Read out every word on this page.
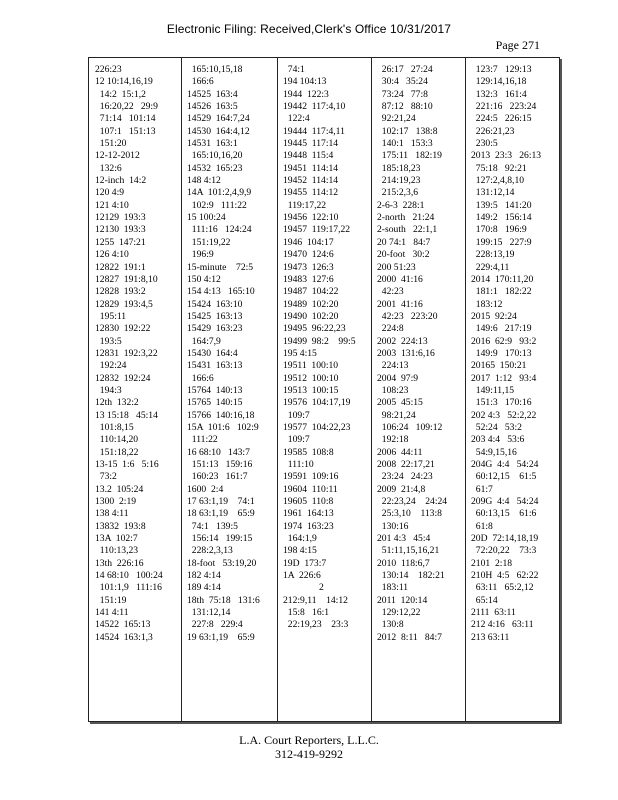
Electronic Filing: Received,Clerk's Office 10/31/2017
Page 271
226:23
12 10:14,16,19
14:2  15:1,2
16:20,22   29:9
71:14   101:14
107:1   151:13
151:20
12-12-2012
132:6
12-inch  14:2
120 4:9
121 4:10
12129  193:3
12130  193:3
1255  147:21
126 4:10
12822  191:1
12827  191:8,10
12828  193:2
12829  193:4,5
195:11
12830  192:22
193:5
12831  192:3,22
192:24
12832  192:24
194:3
12th  132:2
13 15:18   45:14
101:8,15
110:14,20
151:18,22
13-15  1:6   5:16
73:2
13.2  105:24
1300  2:19
138 4:11
13832  193:8
13A  102:7
110:13,23
13th  226:16
14 68:10   100:24
101:1,9   111:16
151:19
141 4:11
14522  165:13
14524  163:1,3
165:10,15,18
166:6
14525  163:4
14526  163:5
14529  164:7,24
14530  164:4,12
14531  163:1
165:10,16,20
14532  165:23
148 4:12
14A  101:2,4,9,9
102:9   111:22
15 100:24
111:16   124:24
151:19,22
196:9
15-minute    72:5
150 4:12
154 4:13   165:10
15424  163:10
15425  163:13
15429  163:23
164:7,9
15430  164:4
15431  163:13
166:6
15764  140:13
15765  140:15
15766  140:16,18
15A  101:6   102:9
111:22
16 68:10   143:7
151:13   159:16
160:23   161:7
1600  2:4
17 63:1,19    74:1
18 63:1,19    65:9
74:1   139:5
156:14   199:15
228:2,3,13
18-foot   53:19,20
182 4:14
189 4:14
18th  75:18   131:6
131:12,14
227:8   229:4
19 63:1,19    65:9
74:1
194 104:13
1944  122:3
19442  117:4,10
122:4
19444  117:4,11
19445  117:14
19448  115:4
19451  114:14
19452  114:14
19455  114:12
119:17,22
19456  122:10
19457  119:17,22
1946  104:17
19470  124:6
19473  126:3
19483  127:6
19487  104:22
19489  102:20
19490  102:20
19495  96:22,23
19499  98:2    99:5
195 4:15
19511  100:10
19512  100:10
19513  100:15
19576  104:17,19
109:7
19577  104:22,23
109:7
19585  108:8
111:10
19591  109:16
19604  110:11
19605  110:8
1961  164:13
1974  163:23
164:1,9
198 4:15
19D  173:7
1A  226:6
2
212:9,11    14:12
15:8   16:1
22:19,23    23:3
26:17   27:24
30:4   35:24
73:24   77:8
87:12   88:10
92:21,24
102:17   138:8
140:1   153:3
175:11   182:19
185:18,23
214:19,23
215:2,3,6
2-6-3  228:1
2-north   21:24
2-south   22:1,1
20 74:1   84:7
20-foot   30:2
200 51:23
2000  41:16
42:23
2001  41:16
42:23   223:20
224:8
2002  224:13
2003  131:6,16
224:13
2004  97:9
108:23
2005  45:15
98:21,24
106:24   109:12
192:18
2006  44:11
2008  22:17,21
23:24   24:23
2009  21:4,8
22:23,24    24:24
25:3,10    113:8
130:16
201 4:3   45:4
51:11,15,16,21
2010  118:6,7
130:14    182:21
183:11
2011  120:14
129:12,22
130:8
2012  8:11   84:7
123:7   129:13
129:14,16,18
132:3   161:4
221:16   223:24
224:5   226:15
226:21,23
230:5
2013  23:3   26:13
75:18   92:21
127:2,4,8,10
131:12,14
139:5   141:20
149:2   156:14
170:8   196:9
199:15   227:9
228:13,19
229:4,11
2014  170:11,20
181:1   182:22
183:12
2015  92:24
149:6   217:19
2016  62:9   93:2
149:9   170:13
20165  150:21
2017  1:12   93:4
149:11,15
151:3   170:16
202 4:3   52:2,22
52:24   53:2
203 4:4   53:6
54:9,15,16
204G  4:4   54:24
60:12,15    61:5
61:7
209G  4:4   54:24
60:13,15    61:6
61:8
20D  72:14,18,19
72:20,22    73:3
2101  2:18
210H  4:5   62:22
63:11   65:2,12
65:14
2111  63:11
212 4:16   63:11
213 63:11
L.A. Court Reporters, L.L.C.
312-419-9292
